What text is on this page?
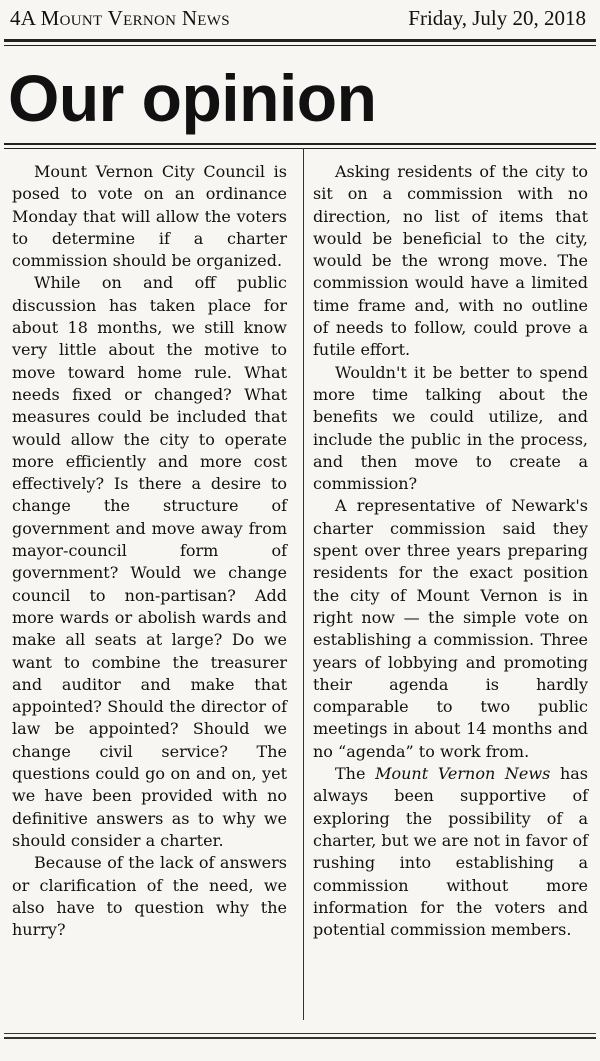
4A Mount Vernon News	Friday, July 20, 2018
Our opinion

Mount Vernon City Council is posed to vote on an ordinance Monday that will allow the voters to determine if a charter commission should be organized.

While on and off public discussion has taken place for about 18 months, we still know very little about the motive to move toward home rule. What needs fixed or changed? What measures could be included that would allow the city to operate more efficiently and more cost effectively? Is there a desire to change the structure of government and move away from mayor-council form of government? Would we change council to non-partisan? Add more wards or abolish wards and make all seats at large? Do we want to combine the treasurer and auditor and make that appointed? Should the director of law be appointed? Should we change civil service? The questions could go on and on, yet we have been provided with no definitive answers as to why we should consider a charter.

Because of the lack of answers or clarification of the need, we also have to question why the hurry?

Asking residents of the city to sit on a commission with no direction, no list of items that would be beneficial to the city, would be the wrong move. The commission would have a limited time frame and, with no outline of needs to follow, could prove a futile effort.

Wouldn't it be better to spend more time talking about the benefits we could utilize, and include the public in the process, and then move to create a commission?

A representative of Newark's charter commission said they spent over three years preparing residents for the exact position the city of Mount Vernon is in right now — the simple vote on establishing a commission. Three years of lobbying and promoting their agenda is hardly comparable to two public meetings in about 14 months and no “agenda” to work from.

The Mount Vernon News has always been supportive of exploring the possibility of a charter, but we are not in favor of rushing into establishing a commission without more information for the voters and potential commission members.
